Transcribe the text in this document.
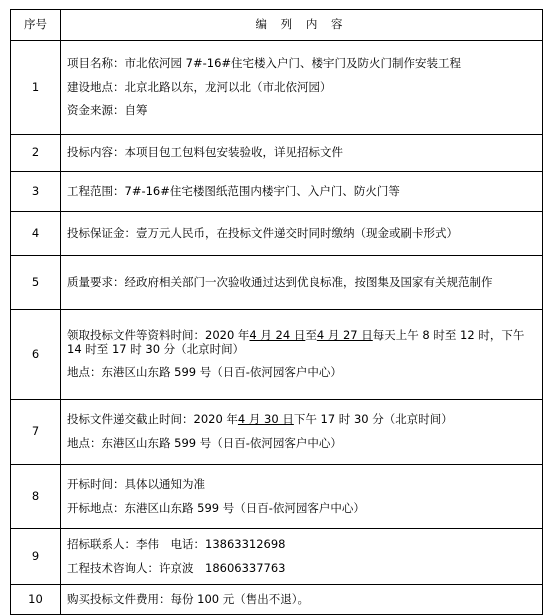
序号	编 列 内 容
1	项目名称：市北依河园 7#-16#住宅楼入户门、楼宇门及防火门制作安装工程
建设地点：北京北路以东，龙河以北（市北依河园）
资金来源：自筹

2	投标内容：本项目包工包料包安装验收，详见招标文件

3	工程范围：7#-16#住宅楼图纸范围内楼宇门、入户门、防火门等

4	投标保证金：壹万元人民币，在投标文件递交时同时缴纳（现金或刷卡形式）

5	质量要求：经政府相关部门一次验收通过达到优良标准，按图集及国家有关规范制作

6	领取投标文件等资料时间：2020 年4 月 24 日至4 月 27 日每天上午 8 时至 12 时，下午 14 时至 17 时 30 分（北京时间）
地点：东港区山东路 599 号（日百-依河园客户中心）

7	投标文件递交截止时间：2020 年4 月 30 日下午 17 时 30 分（北京时间）
地点：东港区山东路 599 号（日百-依河园客户中心）

8	开标时间：具体以通知为准
开标地点：东港区山东路 599 号（日百-依河园客户中心）

9	招标联系人：李伟　电话：13863312698
工程技术咨询人：许京波　18606337763

10	购买投标文件费用：每份 100 元（售出不退）。
